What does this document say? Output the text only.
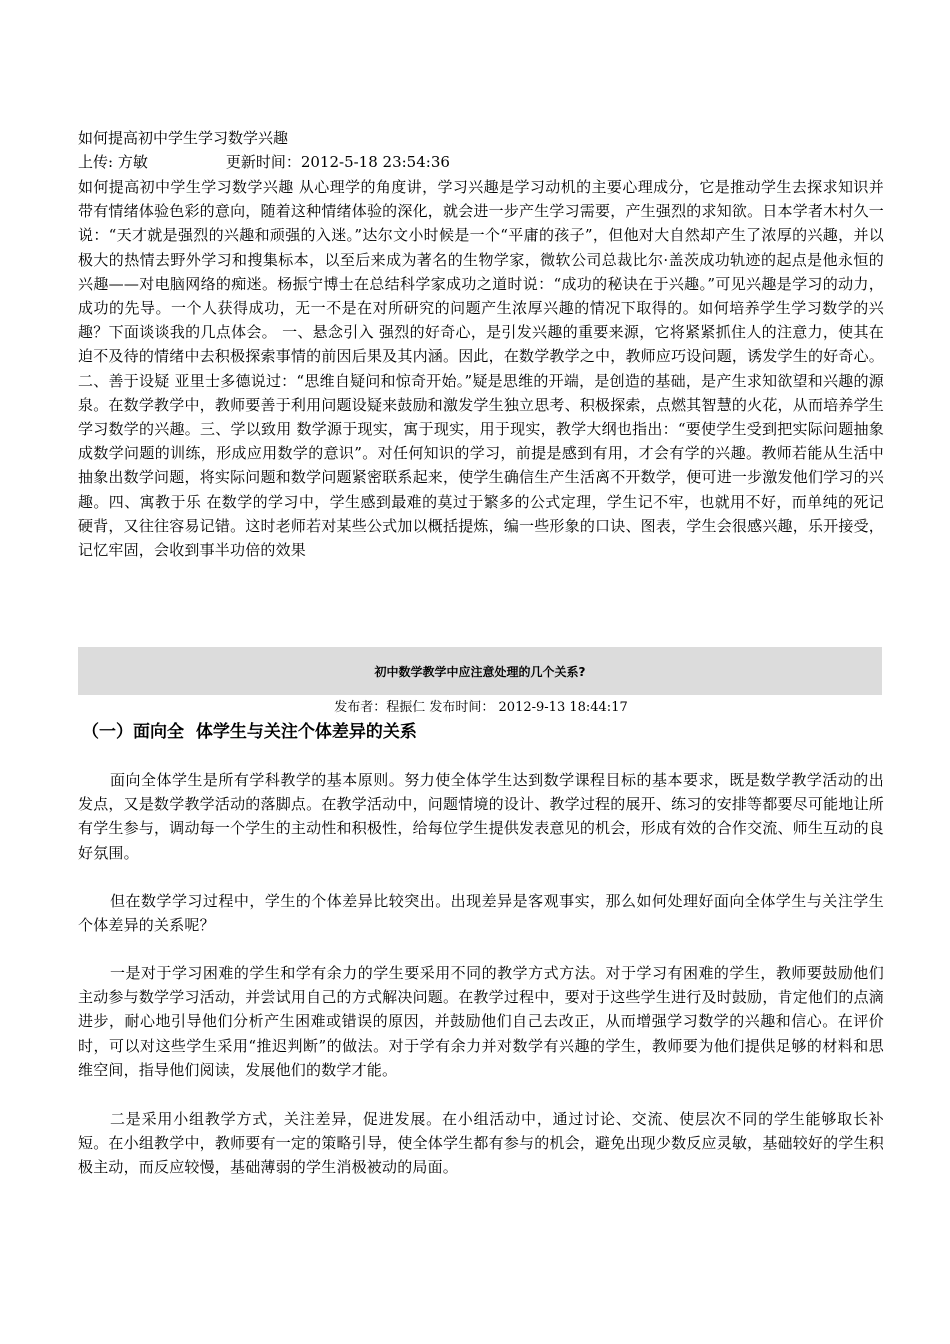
如何提高初中学生学习数学兴趣
上传: 方敏	更新时间：2012-5-18 23:54:36
如何提高初中学生学习数学兴趣 从心理学的角度讲，学习兴趣是学习动机的主要心理成分，它是推动学生去探求知识并带有情绪体验色彩的意向，随着这种情绪体验的深化，就会进一步产生学习需要，产生强烈的求知欲。日本学者木村久一说：“天才就是强烈的兴趣和顽强的入迷。”达尔文小时候是一个“平庸的孩子”，但他对大自然却产生了浓厚的兴趣，并以极大的热情去野外学习和搜集标本，以至后来成为著名的生物学家，微软公司总裁比尔·盖茨成功轨迹的起点是他永恒的兴趣——对电脑网络的痴迷。杨振宁博士在总结科学家成功之道时说：“成功的秘诀在于兴趣。”可见兴趣是学习的动力，成功的先导。一个人获得成功，无一不是在对所研究的问题产生浓厚兴趣的情况下取得的。如何培养学生学习数学的兴趣？下面谈谈我的几点体会。 一、悬念引入 强烈的好奇心，是引发兴趣的重要来源，它将紧紧抓住人的注意力，使其在迫不及待的情绪中去积极探索事情的前因后果及其内涵。因此，在数学教学之中，教师应巧设问题，诱发学生的好奇心。二、善于设疑 亚里士多德说过：“思维自疑问和惊奇开始。”疑是思维的开端，是创造的基础，是产生求知欲望和兴趣的源泉。在数学教学中，教师要善于利用问题设疑来鼓励和激发学生独立思考、积极探索，点燃其智慧的火花，从而培养学生学习数学的兴趣。三、学以致用 数学源于现实，寓于现实，用于现实，教学大纲也指出：“要使学生受到把实际问题抽象成数学问题的训练，形成应用数学的意识”。对任何知识的学习，前提是感到有用，才会有学的兴趣。教师若能从生活中抽象出数学问题，将实际问题和数学问题紧密联系起来，使学生确信生产生活离不开数学，便可进一步激发他们学习的兴趣。四、寓教于乐 在数学的学习中，学生感到最难的莫过于繁多的公式定理，学生记不牢，也就用不好，而单纯的死记硬背，又往往容易记错。这时老师若对某些公式加以概括提炼，编一些形象的口诀、图表，学生会很感兴趣，乐开接受，记忆牢固，会收到事半功倍的效果
初中数学教学中应注意处理的几个关系?
发布者：程振仁 发布时间： 2012-9-13 18:44:17
（一）面向全  体学生与关注个体差异的关系
面向全体学生是所有学科教学的基本原则。努力使全体学生达到数学课程目标的基本要求，既是数学教学活动的出发点，又是数学教学活动的落脚点。在教学活动中，问题情境的设计、教学过程的展开、练习的安排等都要尽可能地让所有学生参与，调动每一个学生的主动性和积极性，给每位学生提供发表意见的机会，形成有效的合作交流、师生互动的良好氛围。
但在数学学习过程中，学生的个体差异比较突出。出现差异是客观事实，那么如何处理好面向全体学生与关注学生个体差异的关系呢？
一是对于学习困难的学生和学有余力的学生要采用不同的教学方式方法。对于学习有困难的学生，教师要鼓励他们主动参与数学学习活动，并尝试用自己的方式解决问题。在教学过程中，要对于这些学生进行及时鼓励，肯定他们的点滴进步，耐心地引导他们分析产生困难或错误的原因，并鼓励他们自己去改正，从而增强学习数学的兴趣和信心。在评价时，可以对这些学生采用“推迟判断”的做法。对于学有余力并对数学有兴趣的学生，教师要为他们提供足够的材料和思维空间，指导他们阅读，发展他们的数学才能。
二是采用小组教学方式，关注差异，促进发展。在小组活动中，通过讨论、交流、使层次不同的学生能够取长补短。在小组教学中，教师要有一定的策略引导，使全体学生都有参与的机会，避免出现少数反应灵敏，基础较好的学生积极主动，而反应较慢，基础薄弱的学生消极被动的局面。
